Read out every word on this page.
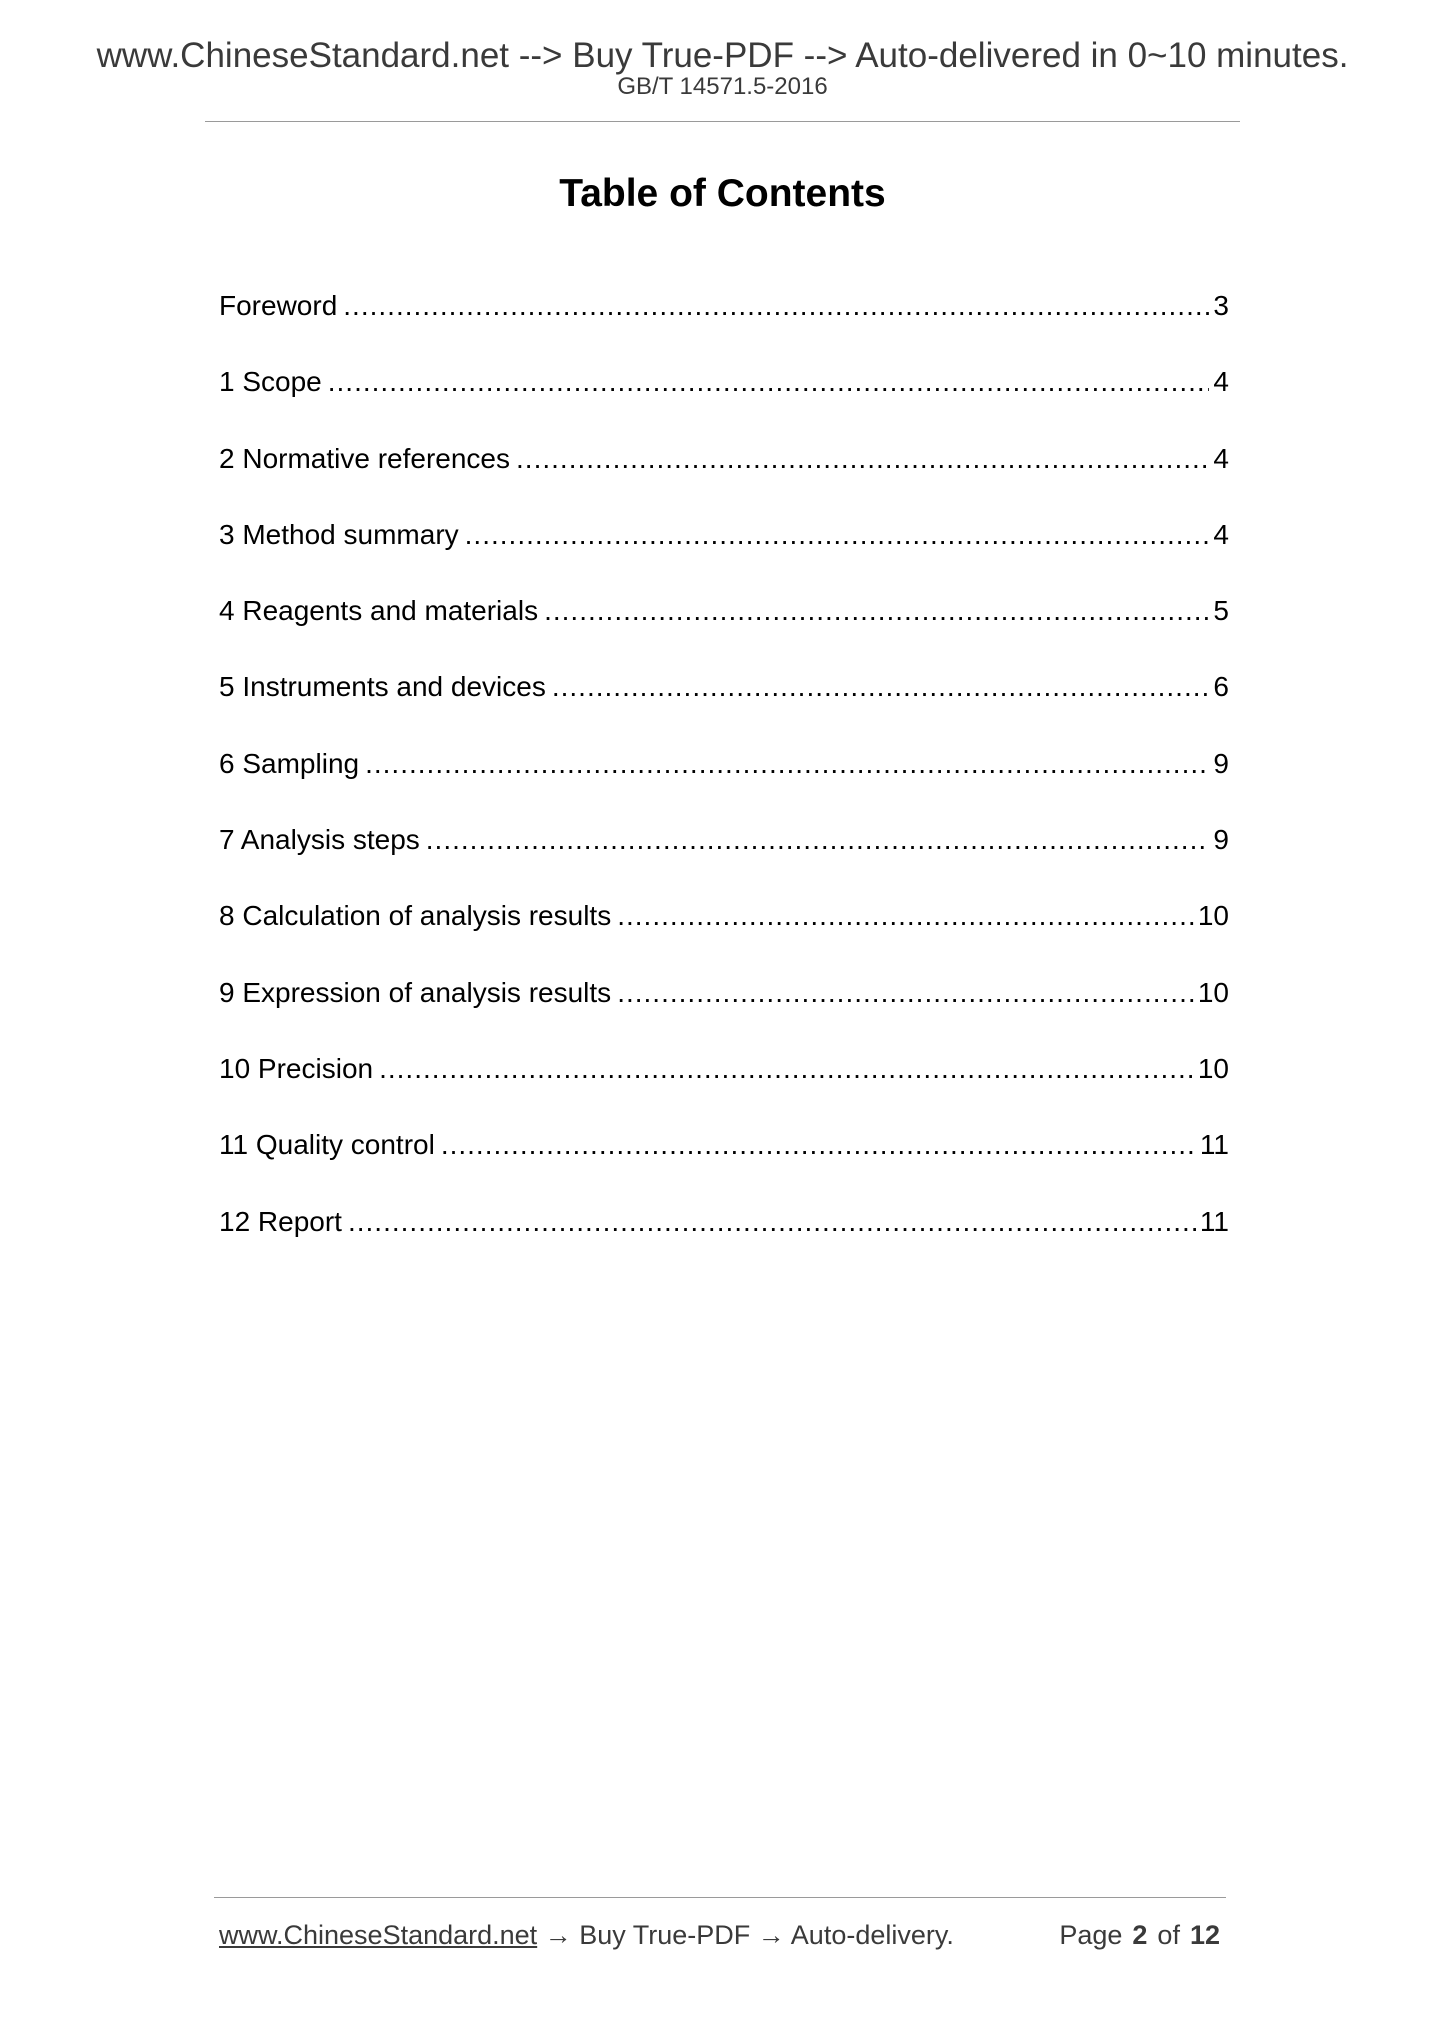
www.ChineseStandard.net --> Buy True-PDF --> Auto-delivered in 0~10 minutes.
GB/T 14571.5-2016
Table of Contents
Foreword .....	3
1 Scope .....	4
2 Normative references .....	4
3 Method summary .....	4
4 Reagents and materials .....	5
5 Instruments and devices .....	6
6 Sampling .....	9
7 Analysis steps .....	9
8 Calculation of analysis results .....	10
9 Expression of analysis results .....	10
10 Precision .....	10
11 Quality control .....	11
12 Report .....	11
www.ChineseStandard.net → Buy True-PDF → Auto-delivery.	Page 2 of 12
